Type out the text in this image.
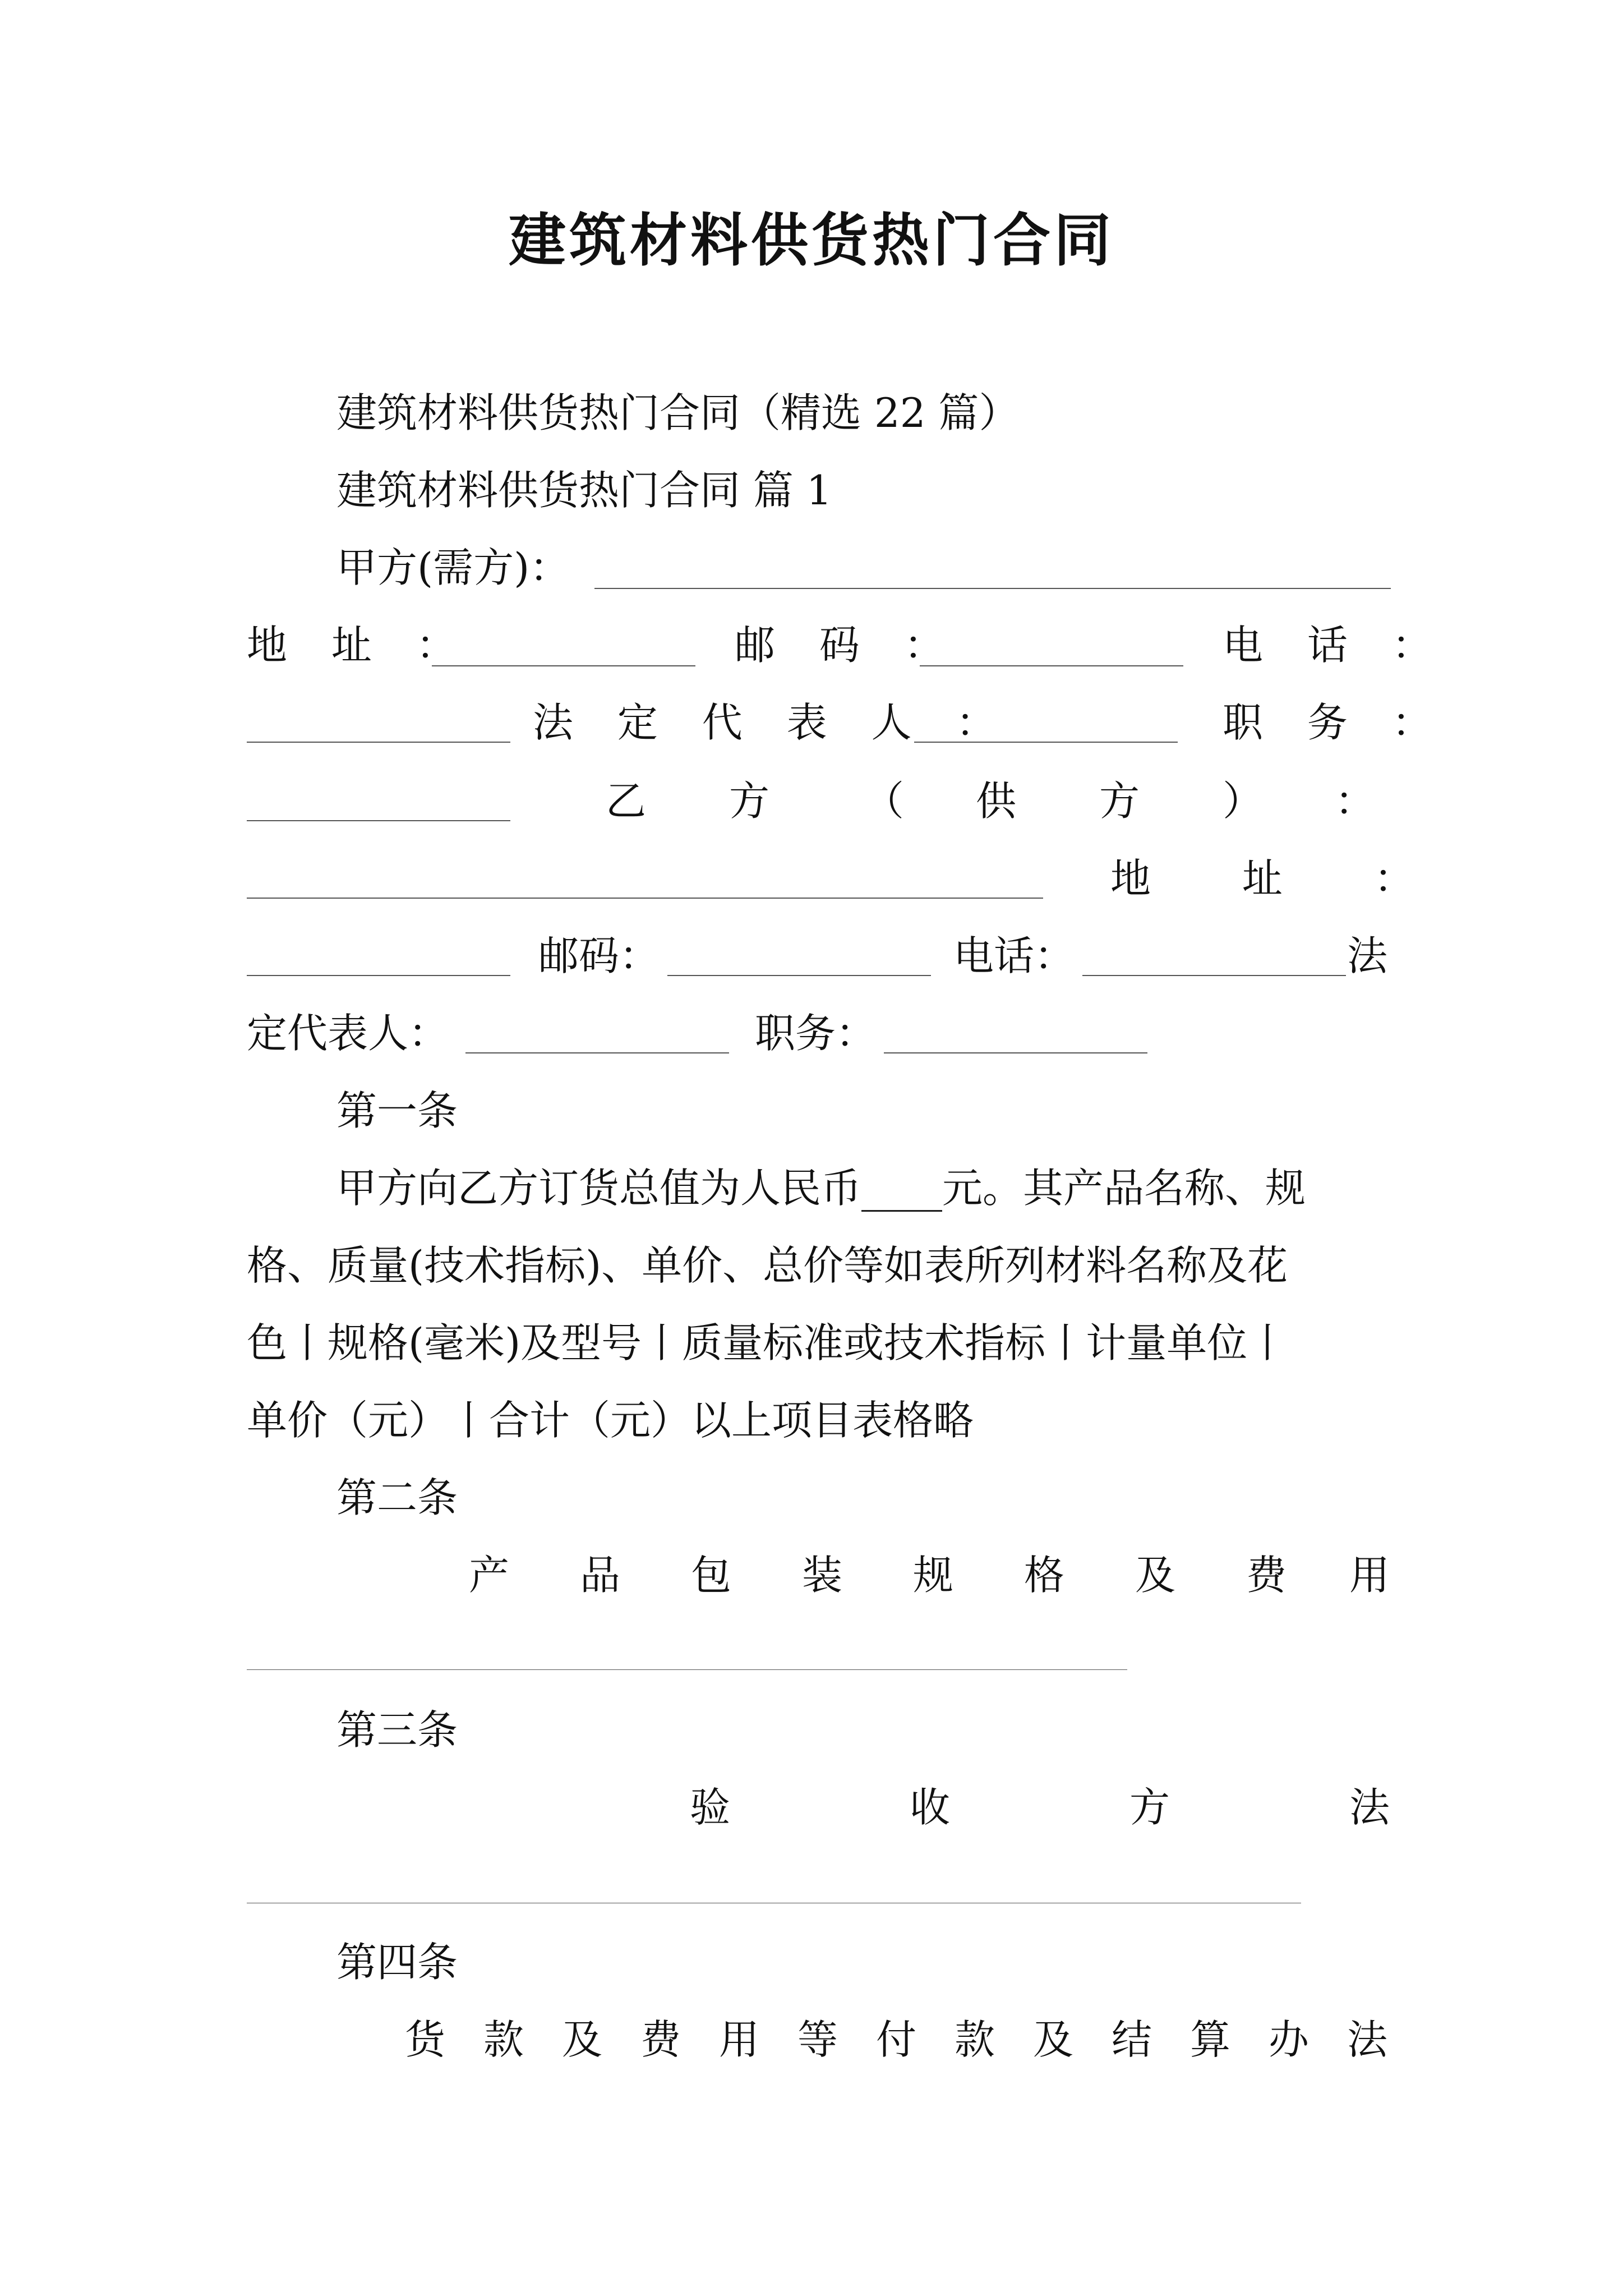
建筑材料供货热门合同
建筑材料供货热门合同（精选 22 篇）
建筑材料供货热门合同 篇 1
甲方(需方)：
地 址 ：	邮 码 ：	电 话 ：
法 定 代 表 人 ：	职 务 ：
乙 方 （ 供 方 ） ：
地 址 ：
邮码：	电话：	法
定代表人：	职务：
第一条
甲方向乙方订货总值为人民币____元。其产品名称、规
格、质量(技术指标)、单价、总价等如表所列材料名称及花
色丨规格(毫米)及型号丨质量标准或技术指标丨计量单位丨
单价（元）丨合计（元）以上项目表格略
第二条
产 品 包 装 规 格 及 费 用
第三条
验	收	方	法
第四条
货 款 及 费 用 等 付 款 及 结 算 办 法
